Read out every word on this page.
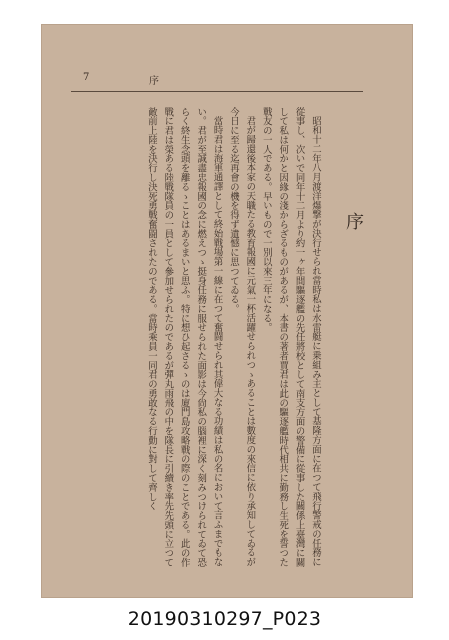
7	序
序

昭和十二年八月渡洋爆撃が決行せられ當時私は水雷艇に乗組み主として基隆方面に在つて飛行警戒の任務に從事し、次いで同年十二月より約一ヶ年間驅逐艦の先任將校として南支方面の警備に從事した關係上臺灣に關して私は何かと因緣の淺からざるものがあるが、本書の著者賈君は此の驅逐艦時代相共に勤務し生死を誓つた戰友の一人である。早いもので一別以來三年になる。

君が歸還後本家の天職たる教育報國に元氣一杯活躍せられつゝあることは數度の來信に依り承知してゐるが今日に至る迄再會の機を得ず遺憾に思つてゐる。

當時君は海軍通譯として終始戰場第一線に在つて奮闘せられ其偉大なる功績は私の名において言ふまでもない。君が至誠盡忠報國の念に燃えつゝ挺身任務に服せられた面影は今尙私の腦裡に深く刻みつけられてゐて恐らく終生念頭を離るゝことはあるまいと思ふ。特に想ひ起さるゝのは廈門島攻略戰の際のことである。此の作戰に君は榮ある陸戰隊員の一員として參加せられたのであるが彈丸雨飛の中を隊長に引續き率先先頭に立つて敵前上陸を決行し決死勇戰奮闘されたのである。當時乘員一同君の勇敢なる行動に對して齊しく

20190310297_P023
